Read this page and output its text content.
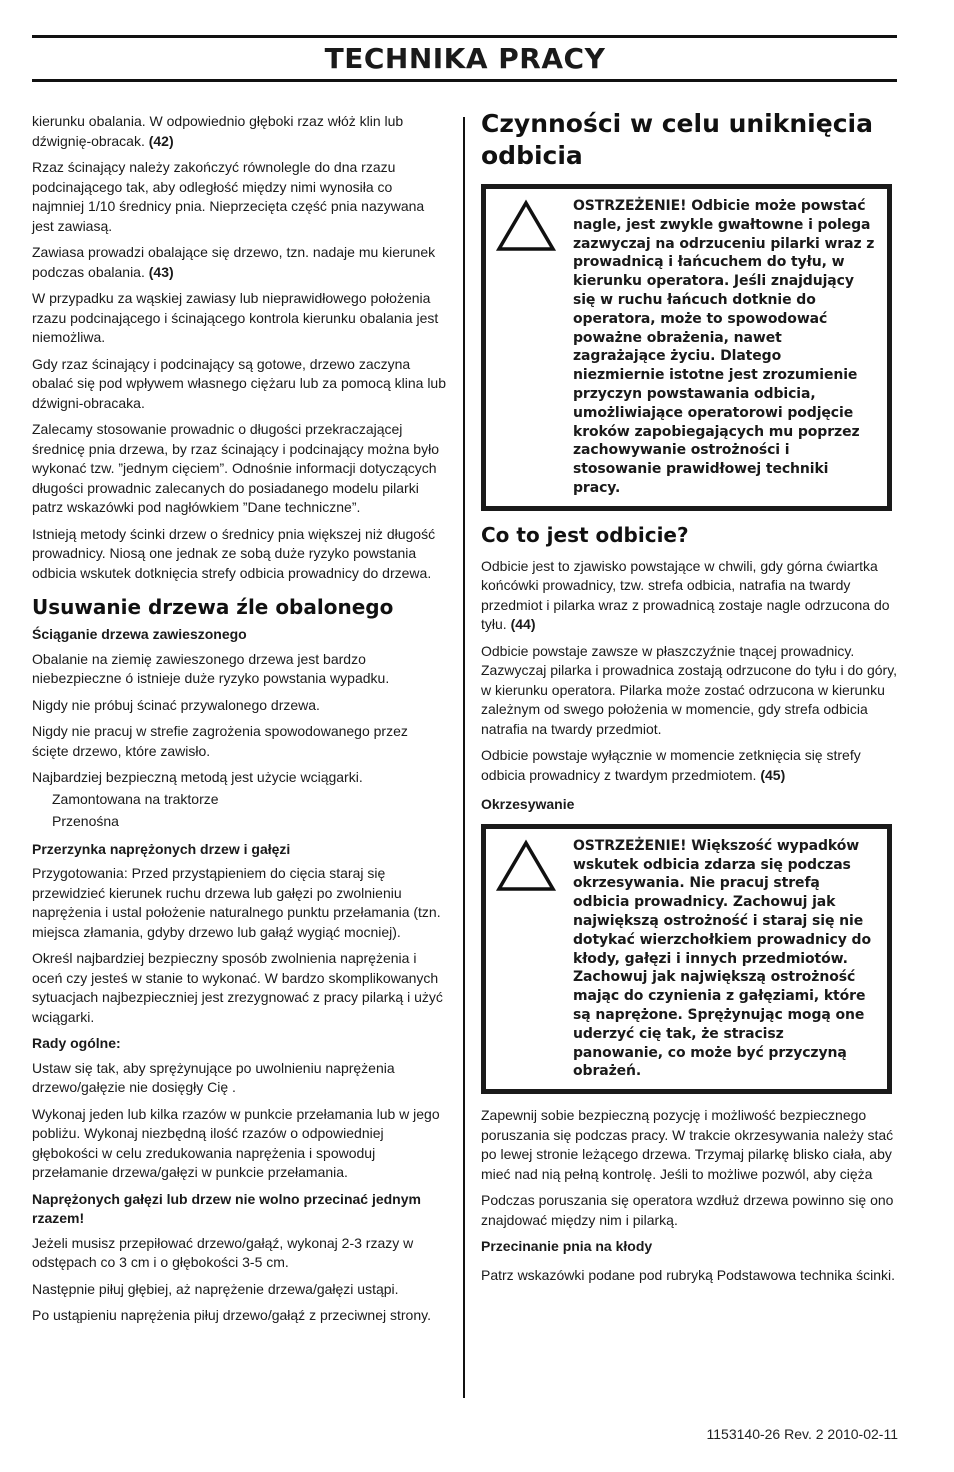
TECHNIKA PRACY

kierunku obalania. W odpowiednio głęboki rzaz włóż klin lub dźwignię-obracak. (42)

Rzaz ścinający należy zakończyć równolegle do dna rzazu podcinającego tak, aby odległość między nimi wynosiła co najmniej 1/10 średnicy pnia. Nieprzecięta część pnia nazywana jest zawiasą.

Zawiasa prowadzi obalające się drzewo, tzn. nadaje mu kierunek podczas obalania. (43)

W przypadku za wąskiej zawiasy lub nieprawidłowego położenia rzazu podcinającego i ścinającego kontrola kierunku obalania jest niemożliwa.

Gdy rzaz ścinający i podcinający są gotowe, drzewo zaczyna obalać się pod wpływem własnego ciężaru lub za pomocą klina lub dźwigni-obracaka.

Zalecamy stosowanie prowadnic o długości przekraczającej średnicę pnia drzewa, by rzaz ścinający i podcinający można było wykonać tzw. ”jednym cięciem”. Odnośnie informacji dotyczących długości prowadnic zalecanych do posiadanego modelu pilarki patrz wskazówki pod nagłówkiem ”Dane techniczne”.

Istnieją metody ścinki drzew o średnicy pnia większej niż długość prowadnicy. Niosą one jednak ze sobą duże ryzyko powstania odbicia wskutek dotknięcia strefy odbicia prowadnicy do drzewa.

Usuwanie drzewa źle obalonego
Ściąganie drzewa zawieszonego

Obalanie na ziemię zawieszonego drzewa jest bardzo niebezpieczne ó istnieje duże ryzyko powstania wypadku.

Nigdy nie próbuj ścinać przywalonego drzewa.

Nigdy nie pracuj w strefie zagrożenia spowodowanego przez ścięte drzewo, które zawisło.

Najbardziej bezpieczną metodą jest użycie wciągarki.

Zamontowana na traktorze

Przenośna

Przerzynka naprężonych drzew i gałęzi

Przygotowania: Przed przystąpieniem do cięcia staraj się przewidzieć kierunek ruchu drzewa lub gałęzi po zwolnieniu naprężenia i ustal położenie naturalnego punktu przełamania (tzn. miejsca złamania, gdyby drzewo lub gałąź wygiąć mocniej).

Określ najbardziej bezpieczny sposób zwolnienia naprężenia i oceń czy jesteś w stanie to wykonać. W bardzo skomplikowanych sytuacjach najbezpieczniej jest zrezygnować z pracy pilarką i użyć wciągarki.

Rady ogólne:

Ustaw się tak, aby sprężynujące po uwolnieniu naprężenia drzewo/gałęzie nie dosięgły Cię .

Wykonaj jeden lub kilka rzazów w punkcie przełamania lub w jego pobliżu. Wykonaj niezbędną ilość rzazów o odpowiedniej głębokości w celu zredukowania naprężenia i spowoduj przełamanie drzewa/gałęzi w punkcie przełamania.

Naprężonych gałęzi lub drzew nie wolno przecinać jednym rzazem!

Jeżeli musisz przepiłować drzewo/gałąź, wykonaj 2-3 rzazy w odstępach co 3 cm i o głębokości 3-5 cm.

Następnie piłuj głębiej, aż naprężenie drzewa/gałęzi ustąpi.

Po ustąpieniu naprężenia piłuj drzewo/gałąź z przeciwnej strony.

Czynności w celu uniknięcia odbicia
OSTRZEŻENIE! Odbicie może powstać nagle, jest zwykle gwałtowne i polega zazwyczaj na odrzuceniu pilarki wraz z prowadnicą i łańcuchem do tyłu, w kierunku operatora. Jeśli znajdujący się w ruchu łańcuch dotknie do operatora, może to spowodować poważne obrażenia, nawet zagrażające życiu. Dlatego niezmiernie istotne jest zrozumienie przyczyn powstawania odbicia, umożliwiające operatorowi podjęcie kroków zapobiegających mu poprzez zachowywanie ostrożności i stosowanie prawidłowej techniki pracy.
Co to jest odbicie?

Odbicie jest to zjawisko powstające w chwili, gdy górna ćwiartka końcówki prowadnicy, tzw. strefa odbicia, natrafia na twardy przedmiot i pilarka wraz z prowadnicą zostaje nagle odrzucona do tyłu. (44)

Odbicie powstaje zawsze w płaszczyźnie tnącej prowadnicy. Zazwyczaj pilarka i prowadnica zostają odrzucone do tyłu i do góry, w kierunku operatora. Pilarka może zostać odrzucona w kierunku zależnym od swego położenia w momencie, gdy strefa odbicia natrafia na twardy przedmiot.

Odbicie powstaje wyłącznie w momencie zetknięcia się strefy odbicia prowadnicy z twardym przedmiotem. (45)

Okrzesywanie
OSTRZEŻENIE! Większość wypadków wskutek odbicia zdarza się podczas okrzesywania. Nie pracuj strefą odbicia prowadnicy. Zachowuj jak największą ostrożność i staraj się nie dotykać wierzchołkiem prowadnicy do kłody, gałęzi i innych przedmiotów. Zachowuj jak największą ostrożność mając do czynienia z gałęziami, które są naprężone. Sprężynując mogą one uderzyć cię tak, że stracisz panowanie, co może być przyczyną obrażeń.

Zapewnij sobie bezpieczną pozycję i możliwość bezpiecznego poruszania się podczas pracy. W trakcie okrzesywania należy stać po lewej stronie leżącego drzewa. Trzymaj pilarkę blisko ciała, aby mieć nad nią pełną kontrolę. Jeśli to możliwe pozwól, aby ciężа

Podczas poruszania się operatora wzdłuż drzewa powinno się ono znajdować między nim i pilarką.

Przecinanie pnia na kłody

Patrz wskazówki podane pod rubryką Podstawowa technika ścinki.

1153140-26 Rev. 2 2010-02-11
